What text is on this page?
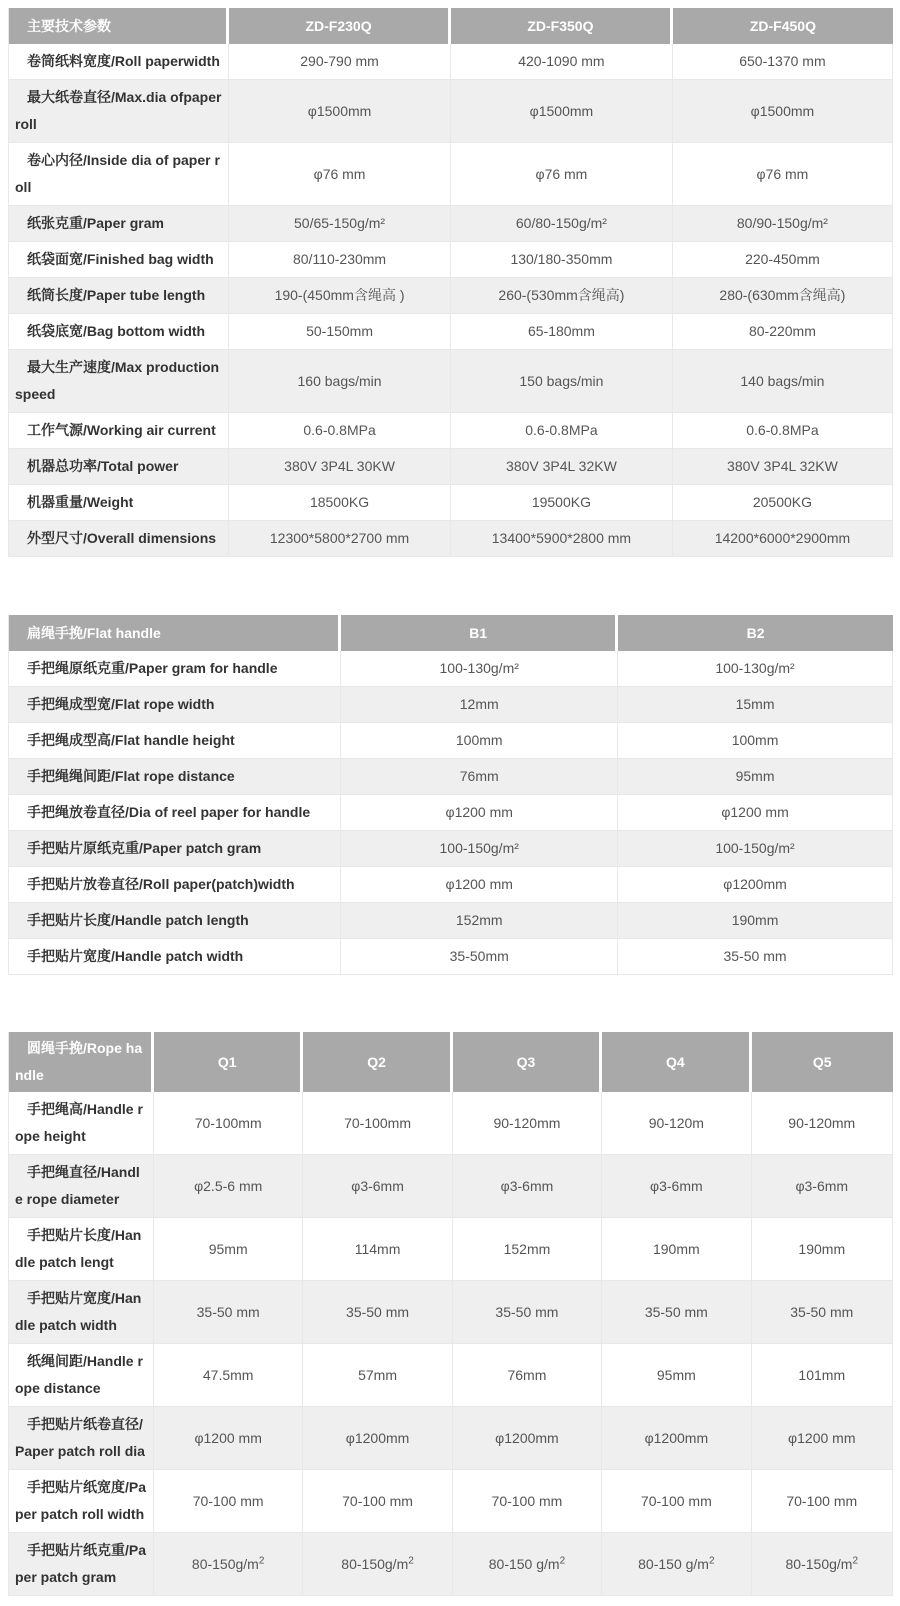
主要技术参数	ZD-F230Q	ZD-F350Q	ZD-F450Q
卷筒纸料宽度/Roll paperwidth	290-790 mm	420-1090 mm	650-1370 mm
最大纸卷直径/Max.dia ofpaper roll	φ1500mm	φ1500mm	φ1500mm
卷心内径/Inside dia of paper roll	φ76 mm	φ76 mm	φ76 mm
纸张克重/Paper gram	50/65-150g/m²	60/80-150g/m²	80/90-150g/m²
纸袋面宽/Finished bag width	80/110-230mm	130/180-350mm	220-450mm
纸筒长度/Paper tube length	190-(450mm含绳高 )	260-(530mm含绳高)	280-(630mm含绳高)
纸袋底宽/Bag bottom width	50-150mm	65-180mm	80-220mm
最大生产速度/Max production speed	160 bags/min	150 bags/min	140 bags/min
工作气源/Working air current	0.6-0.8MPa	0.6-0.8MPa	0.6-0.8MPa
机器总功率/Total power	380V 3P4L 30KW	380V 3P4L 32KW	380V 3P4L 32KW
机器重量/Weight	18500KG	19500KG	20500KG
外型尺寸/Overall dimensions	12300*5800*2700 mm	13400*5900*2800 mm	14200*6000*2900mm
扁绳手挽/Flat handle	B1	B2
手把绳原纸克重/Paper gram for handle	100-130g/m²	100-130g/m²
手把绳成型宽/Flat rope width	12mm	15mm
手把绳成型高/Flat handle height	100mm	100mm
手把绳绳间距/Flat rope distance	76mm	95mm
手把绳放卷直径/Dia of reel paper for handle	φ1200 mm	φ1200 mm
手把贴片原纸克重/Paper patch gram	100-150g/m²	100-150g/m²
手把贴片放卷直径/Roll paper(patch)width	φ1200 mm	φ1200mm
手把贴片长度/Handle patch length	152mm	190mm
手把贴片宽度/Handle patch width	35-50mm	35-50 mm
圆绳手挽/Rope handle	Q1	Q2	Q3	Q4	Q5
手把绳高/Handle rope height	70-100mm	70-100mm	90-120mm	90-120m	90-120mm
手把绳直径/Handle rope diameter	φ2.5-6 mm	φ3-6mm	φ3-6mm	φ3-6mm	φ3-6mm
手把贴片长度/Handle patch lengt	95mm	114mm	152mm	190mm	190mm
手把贴片宽度/Handle patch width	35-50 mm	35-50 mm	35-50 mm	35-50 mm	35-50 mm
纸绳间距/Handle rope distance	47.5mm	57mm	76mm	95mm	101mm
手把贴片纸卷直径/Paper patch roll dia	φ1200 mm	φ1200mm	φ1200mm	φ1200mm	φ1200 mm
手把贴片纸宽度/Paper patch roll width	70-100 mm	70-100 mm	70-100 mm	70-100 mm	70-100 mm
手把贴片纸克重/Paper patch gram	$80-150g/m^2$	$80-150g/m^2$	80-150 $g/m^2$	80-150 $g/m^2$	$80-150g/m^2$
